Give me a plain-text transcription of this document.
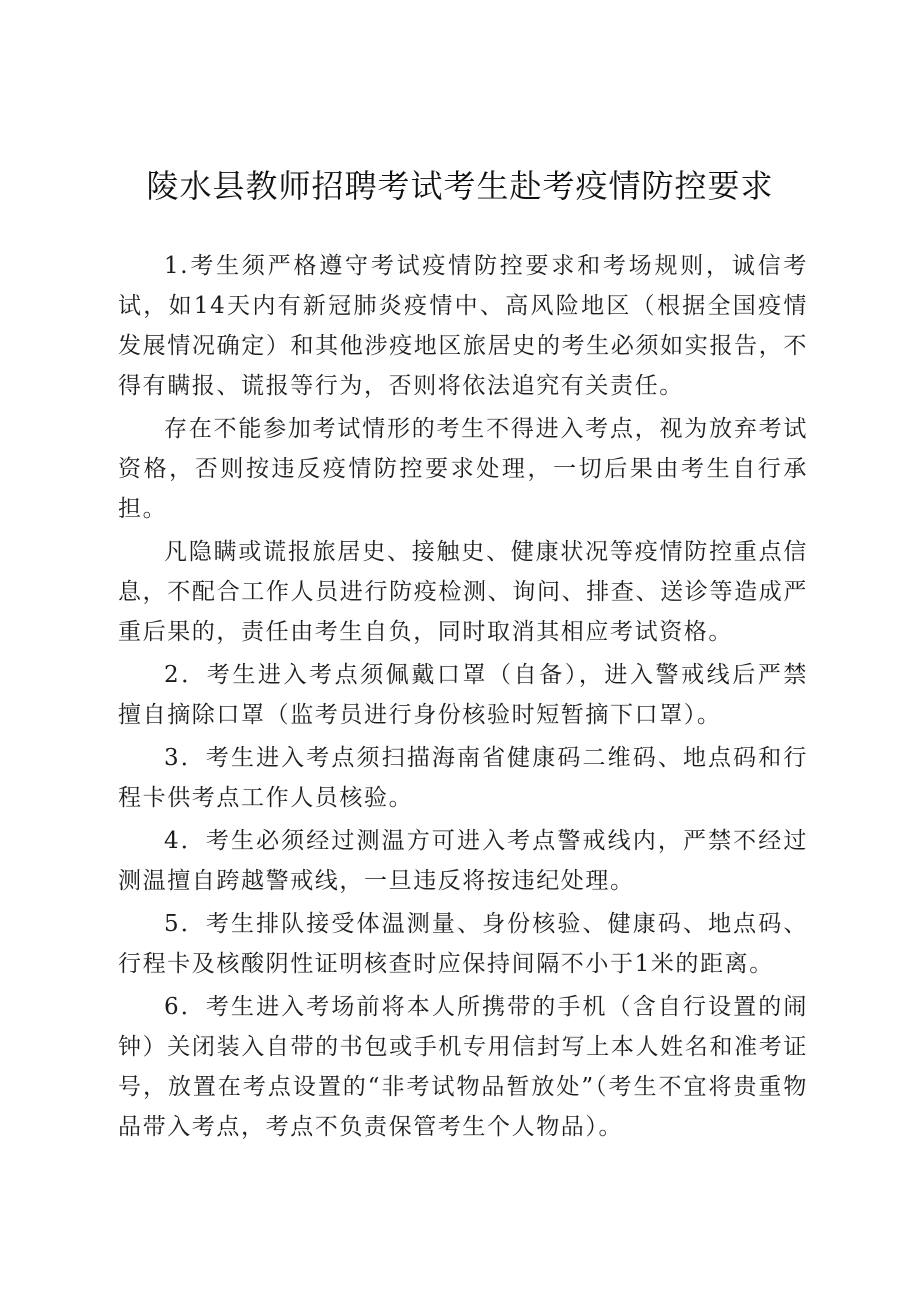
陵水县教师招聘考试考生赴考疫情防控要求

1.考生须严格遵守考试疫情防控要求和考场规则，诚信考试，如14天内有新冠肺炎疫情中、高风险地区（根据全国疫情发展情况确定）和其他涉疫地区旅居史的考生必须如实报告，不得有瞒报、谎报等行为，否则将依法追究有关责任。

存在不能参加考试情形的考生不得进入考点，视为放弃考试资格，否则按违反疫情防控要求处理，一切后果由考生自行承担。

凡隐瞒或谎报旅居史、接触史、健康状况等疫情防控重点信息，不配合工作人员进行防疫检测、询问、排查、送诊等造成严重后果的，责任由考生自负，同时取消其相应考试资格。

2．考生进入考点须佩戴口罩（自备），进入警戒线后严禁擅自摘除口罩（监考员进行身份核验时短暂摘下口罩）。

3．考生进入考点须扫描海南省健康码二维码、地点码和行程卡供考点工作人员核验。

4．考生必须经过测温方可进入考点警戒线内，严禁不经过测温擅自跨越警戒线，一旦违反将按违纪处理。

5．考生排队接受体温测量、身份核验、健康码、地点码、行程卡及核酸阴性证明核查时应保持间隔不小于1米的距离。

6．考生进入考场前将本人所携带的手机（含自行设置的闹钟）关闭装入自带的书包或手机专用信封写上本人姓名和准考证号，放置在考点设置的“非考试物品暂放处”（考生不宜将贵重物品带入考点，考点不负责保管考生个人物品）。
